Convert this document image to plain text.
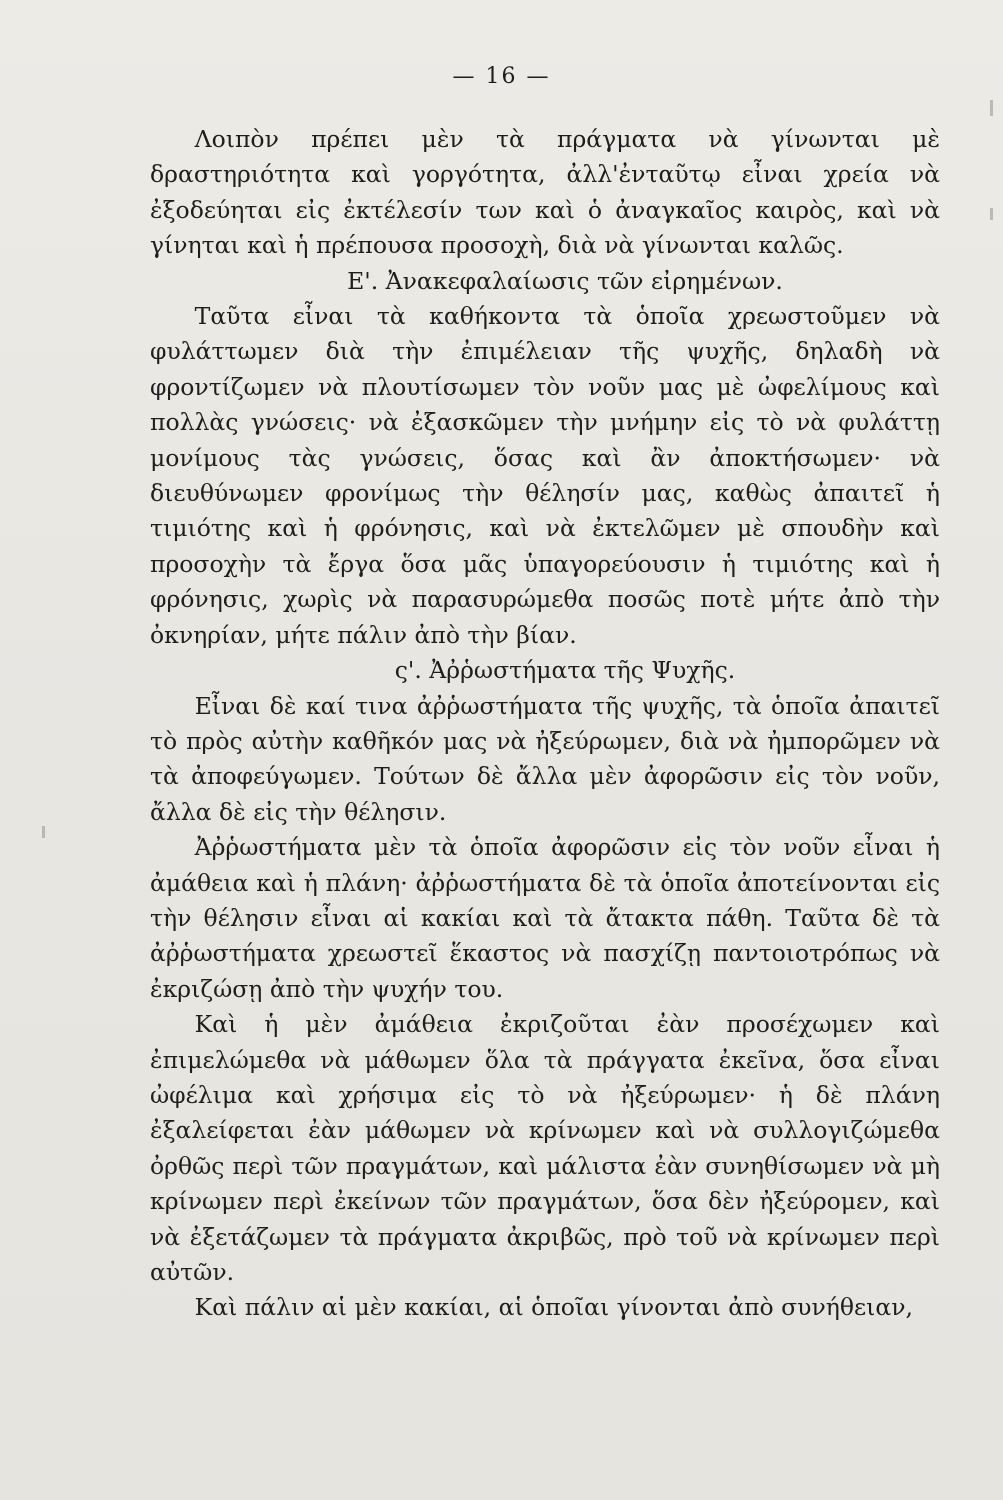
— 16 —

Λοιπὸν πρέπει μὲν τὰ πράγματα νὰ γίνωνται μὲ δραστηριότητα καὶ γοργότητα, ἀλλ'ἐνταῦτῳ εἶναι χρεία νὰ ἐξοδεύηται εἰς ἐκτέλεσίν των καὶ ὁ ἀναγκαῖος καιρὸς, καὶ νὰ γίνηται καὶ ἡ πρέπουσα προσοχὴ, διὰ νὰ γίνωνται καλῶς.

Ε'. Ἀνακεφαλαίωσις τῶν εἰρημένων.

Ταῦτα εἶναι τὰ καθήκοντα τὰ ὁποῖα χρεωστοῦμεν νὰ φυλάττωμεν διὰ τὴν ἐπιμέλειαν τῆς ψυχῆς, δηλαδὴ νὰ φροντίζωμεν νὰ πλουτίσωμεν τὸν νοῦν μας μὲ ὠφελίμους καὶ πολλὰς γνώσεις· νὰ ἐξασκῶμεν τὴν μνήμην εἰς τὸ νὰ φυλάττῃ μονίμους τὰς γνώσεις, ὅσας καὶ ἂν ἀποκτήσωμεν· νὰ διευθύνωμεν φρονίμως τὴν θέλησίν μας, καθὼς ἀπαιτεῖ ἡ τιμιότης καὶ ἡ φρόνησις, καὶ νὰ ἐκτελῶμεν μὲ σπουδὴν καὶ προσοχὴν τὰ ἔργα ὅσα μᾶς ὑπαγορεύουσιν ἡ τιμιότης καὶ ἡ φρόνησις, χωρὶς νὰ παρασυρώμεθα ποσῶς ποτὲ μήτε ἀπὸ τὴν ὀκνηρίαν, μήτε πάλιν ἀπὸ τὴν βίαν.

ς'. Ἀῤῥωστήματα τῆς Ψυχῆς.

Εἶναι δὲ καί τινα ἀῤῥωστήματα τῆς ψυχῆς, τὰ ὁποῖα ἀπαιτεῖ τὸ πρὸς αὐτὴν καθῆκόν μας νὰ ἠξεύρωμεν, διὰ νὰ ἠμπορῶμεν νὰ τὰ ἀποφεύγωμεν. Τούτων δὲ ἄλλα μὲν ἀφορῶσιν εἰς τὸν νοῦν, ἄλλα δὲ εἰς τὴν θέλησιν.

Ἀῤῥωστήματα μὲν τὰ ὁποῖα ἀφορῶσιν εἰς τὸν νοῦν εἶναι ἡ ἀμάθεια καὶ ἡ πλάνη· ἀῤῥωστήματα δὲ τὰ ὁποῖα ἀποτείνονται εἰς τὴν θέλησιν εἶναι αἱ κακίαι καὶ τὰ ἄτακτα πάθη. Ταῦτα δὲ τὰ ἀῤῥωστήματα χρεωστεῖ ἕκαστος νὰ πασχίζῃ παντοιοτρόπως νὰ ἐκριζώσῃ ἀπὸ τὴν ψυχήν του.

Καὶ ἡ μὲν ἀμάθεια ἐκριζοῦται ἐὰν προσέχωμεν καὶ ἐπιμελώμεθα νὰ μάθωμεν ὅλα τὰ πράγγατα ἐκεῖνα, ὅσα εἶναι ὠφέλιμα καὶ χρήσιμα εἰς τὸ νὰ ἠξεύρωμεν· ἡ δὲ πλάνη ἐξαλείφεται ἐὰν μάθωμεν νὰ κρίνωμεν καὶ νὰ συλλογιζώμεθα ὀρθῶς περὶ τῶν πραγμάτων, καὶ μάλιστα ἐὰν συνηθίσωμεν νὰ μὴ κρίνωμεν περὶ ἐκείνων τῶν πραγμάτων, ὅσα δὲν ἠξεύρομεν, καὶ νὰ ἐξετάζωμεν τὰ πράγματα ἀκριβῶς, πρὸ τοῦ νὰ κρίνωμεν περὶ αὐτῶν.

Καὶ πάλιν αἱ μὲν κακίαι, αἱ ὁποῖαι γίνονται ἀπὸ συνήθειαν,
